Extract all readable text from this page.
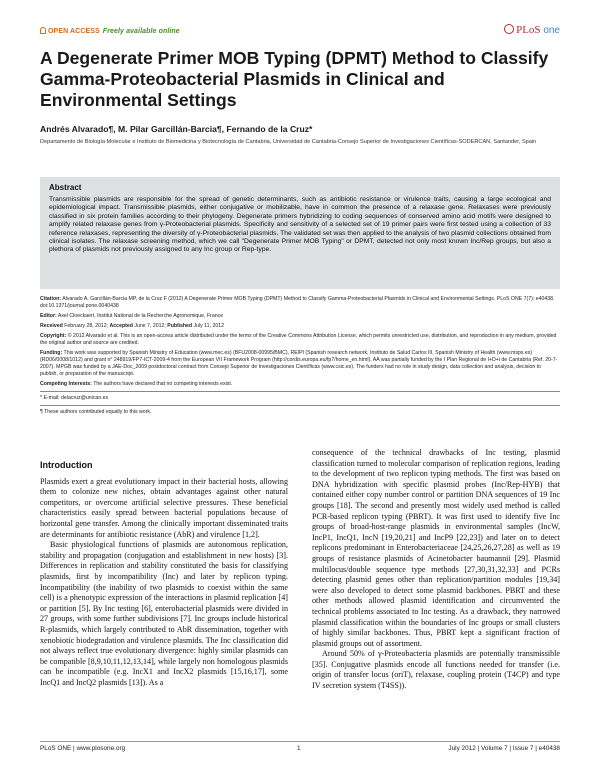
OPEN ACCESS Freely available online	PLoS one
A Degenerate Primer MOB Typing (DPMT) Method to Classify Gamma-Proteobacterial Plasmids in Clinical and Environmental Settings
Andrés Alvarado¶, M. Pilar Garcillán-Barcia¶, Fernando de la Cruz*
Departamento de Biología Molecular e Instituto de Biomedicina y Biotecnología de Cantabria, Universidad de Cantabria-Consejo Superior de Investigaciones Científicas-SODERCAN, Santander, Spain
Abstract

Transmissible plasmids are responsible for the spread of genetic determinants, such as antibiotic resistance or virulence traits, causing a large ecological and epidemiological impact. Transmissible plasmids, either conjugative or mobilizable, have in common the presence of a relaxase gene. Relaxases were previously classified in six protein families according to their phylogeny. Degenerate primers hybridizing to coding sequences of conserved amino acid motifs were designed to amplify related relaxase genes from γ-Proteobacterial plasmids. Specificity and sensitivity of a selected set of 19 primer pairs were first tested using a collection of 33 reference relaxases, representing the diversity of γ-Proteobacterial plasmids. The validated set was then applied to the analysis of two plasmid collections obtained from clinical isolates. The relaxase screening method, which we call "Degenerate Primer MOB Typing" or DPMT, detected not only most known Inc/Rep groups, but also a plethora of plasmids not previously assigned to any Inc group or Rep-type.

Citation: Alvarado A, Garcillán-Barcia MP, de la Cruz F (2012) A Degenerate Primer MOB Typing (DPMT) Method to Classify Gamma-Proteobacterial Plasmids in Clinical and Environmental Settings. PLoS ONE 7(7): e40438. doi:10.1371/journal.pone.0040438
Editor: Axel Cloeckaert, Institut National de la Recherche Agronomique, France
Received February 28, 2012; Accepted June 7, 2012; Published July 11, 2012
Copyright: © 2012 Alvarado et al. This is an open-access article distributed under the terms of the Creative Commons Attribution License, which permits unrestricted use, distribution, and reproduction in any medium, provided the original author and source are credited.
Funding: This work was supported by Spanish Ministry of Education (www.mec.es) (BFU2008-00995/BMC), REIPI (Spanish research network, Instituto de Salud Carlos III, Spanish Ministry of Health (www.msps.es) (RD06/0008/1012) and grant n° 248919/FP7-ICT-2009-4 from the European VII Framework Program (http://cordis.europa.eu/fp7/home_en.html). AA was partially funded by the I Plan Regional de I+D+i de Cantabria (Ref. 20-7-2007). MPGB was funded by a JAE-Doc_2009 postdoctoral contract from Consejo Superior de Investigaciones Científicas (www.csic.es). The funders had no role in study design, data collection and analysis, decision to publish, or preparation of the manuscript.
Competing Interests: The authors have declared that no competing interests exist.
* E-mail: delacruz@unican.es
¶ These authors contributed equally to this work.
Introduction

Plasmids exert a great evolutionary impact in their bacterial hosts, allowing them to colonize new niches, obtain advantages against other natural competitors, or overcome artificial selective pressures. These beneficial characteristics easily spread between bacterial populations because of horizontal gene transfer. Among the clinically important disseminated traits are determinants for antibiotic resistance (AbR) and virulence [1,2].

Basic physiological functions of plasmids are autonomous replication, stability and propagation (conjugation and establishment in new hosts) [3]. Differences in replication and stability constituted the basis for classifying plasmids, first by incompatibility (Inc) and later by replicon typing. Incompatibility (the inability of two plasmids to coexist within the same cell) is a phenotypic expression of the interactions in plasmid replication [4] or partition [5]. By Inc testing [6], enterobacterial plasmids were divided in 27 groups, with some further subdivisions [7]. Inc groups include historical R-plasmids, which largely contributed to AbR dissemination, together with xenobiotic biodegradation and virulence plasmids. The Inc classification did not always reflect true evolutionary divergence: highly similar plasmids can be compatible [8,9,10,11,12,13,14], while largely non homologous plasmids can be incompatible (e.g. IncX1 and IncX2 plasmids [15,16,17], some IncQ1 and IncQ2 plasmids [13]). As a

consequence of the technical drawbacks of Inc testing, plasmid classification turned to molecular comparison of replication regions, leading to the development of two replicon typing methods. The first was based on DNA hybridization with specific plasmid probes (Inc/Rep-HYB) that contained either copy number control or partition DNA sequences of 19 Inc groups [18]. The second and presently most widely used method is called PCR-based replicon typing (PBRT). It was first used to identify five Inc groups of broad-host-range plasmids in environmental samples (IncW, IncP1, IncQ1, IncN [19,20,21] and IncP9 [22,23]) and later on to detect replicons predominant in Enterobacteriaceae [24,25,26,27,28] as well as 19 groups of resistance plasmids of Acinetobacter baumannii [29]. Plasmid multilocus/double sequence type methods [27,30,31,32,33] and PCRs detecting plasmid genes other than replication/partition modules [19,34] were also developed to detect some plasmid backbones. PBRT and these other methods allowed plasmid identification and circumvented the technical problems associated to Inc testing. As a drawback, they narrowed plasmid classification within the boundaries of Inc groups or small clusters of highly similar backbones. Thus, PBRT kept a significant fraction of plasmid groups out of assortment.

Around 50% of γ-Proteobacteria plasmids are potentially transmissible [35]. Conjugative plasmids encode all functions needed for transfer (i.e. origin of transfer locus (oriT), relaxase, coupling protein (T4CP) and type IV secretion system (T4SS)).

PLoS ONE | www.plosone.org	1	July 2012 | Volume 7 | Issue 7 | e40438
